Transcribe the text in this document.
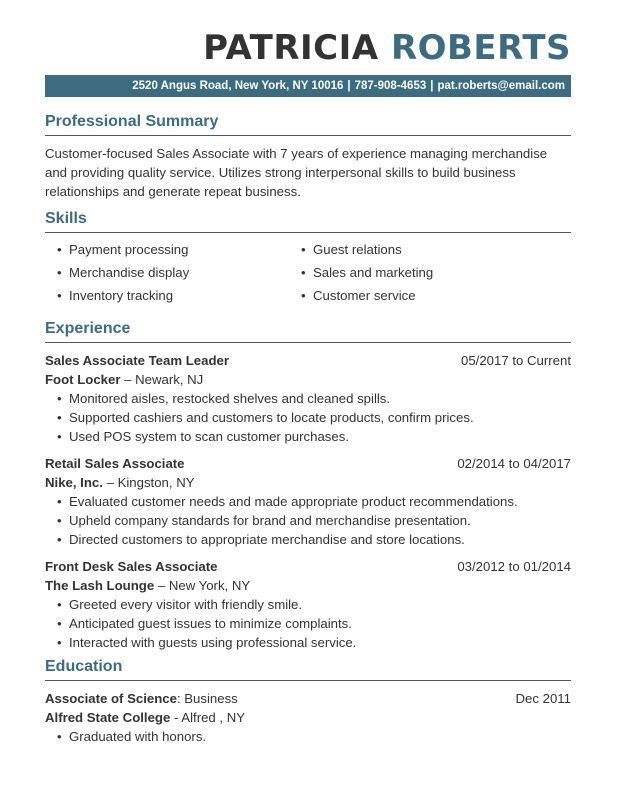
PATRICIA ROBERTS
2520 Angus Road, New York, NY 10016 | 787-908-4653 | pat.roberts@email.com
Professional Summary

Customer-focused Sales Associate with 7 years of experience managing merchandise and providing quality service. Utilizes strong interpersonal skills to build business relationships and generate repeat business.

Skills
• Payment processing	• Guest relations
• Merchandise display	• Sales and marketing
• Inventory tracking	• Customer service
Experience
Sales Associate Team Leader	05/2017 to Current
Foot Locker – Newark, NJ
• Monitored aisles, restocked shelves and cleaned spills.
• Supported cashiers and customers to locate products, confirm prices.
• Used POS system to scan customer purchases.
Retail Sales Associate	02/2014 to 04/2017
Nike, Inc. – Kingston, NY
• Evaluated customer needs and made appropriate product recommendations.
• Upheld company standards for brand and merchandise presentation.
• Directed customers to appropriate merchandise and store locations.
Front Desk Sales Associate	03/2012 to 01/2014
The Lash Lounge – New York, NY
• Greeted every visitor with friendly smile.
• Anticipated guest issues to minimize complaints.
• Interacted with guests using professional service.
Education
Associate of Science: Business	Dec 2011
Alfred State College - Alfred , NY
• Graduated with honors.
